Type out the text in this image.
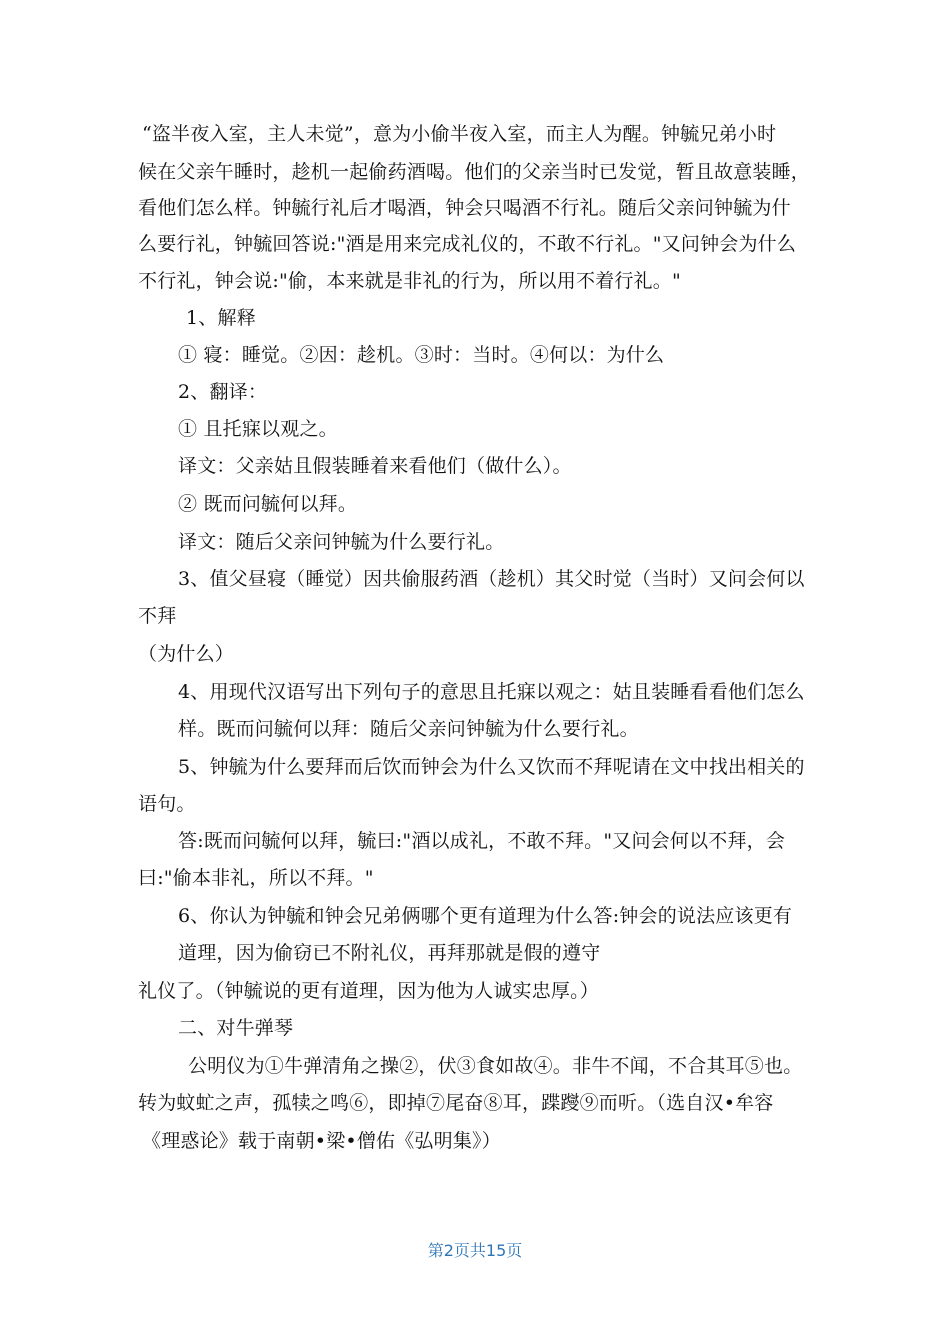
“盗半夜入室，主人未觉”，意为小偷半夜入室，而主人为醒。钟毓兄弟小时
候在父亲午睡时，趁机一起偷药酒喝。他们的父亲当时已发觉，暂且故意装睡，
看他们怎么样。钟毓行礼后才喝酒，钟会只喝酒不行礼。随后父亲问钟毓为什
么要行礼，钟毓回答说:"酒是用来完成礼仪的，不敢不行礼。"又问钟会为什么
不行礼，钟会说:"偷，本来就是非礼的行为，所以用不着行礼。"
1、解释
① 寝：睡觉。②因：趁机。③时：当时。④何以：为什么
2、翻译：
① 且托寐以观之。
译文：父亲姑且假装睡着来看他们（做什么）。
② 既而问毓何以拜。
译文：随后父亲问钟毓为什么要行礼。
3、值父昼寝（睡觉）因共偷服药酒（趁机）其父时觉（当时）又问会何以
不拜
（为什么）
4、用现代汉语写出下列句子的意思且托寐以观之：姑且装睡看看他们怎么
样。既而问毓何以拜：随后父亲问钟毓为什么要行礼。
5、钟毓为什么要拜而后饮而钟会为什么又饮而不拜呢请在文中找出相关的
语句。
答:既而问毓何以拜，毓曰:"酒以成礼，不敢不拜。"又问会何以不拜，会
曰:"偷本非礼，所以不拜。"
6、你认为钟毓和钟会兄弟俩哪个更有道理为什么答:钟会的说法应该更有
道理，因为偷窃已不附礼仪，再拜那就是假的遵守
礼仪了。（钟毓说的更有道理，因为他为人诚实忠厚。）
二、对牛弹琴
公明仪为①牛弹清角之操②，伏③食如故④。非牛不闻，不合其耳⑤也。
转为蚊虻之声，孤犊之鸣⑥，即掉⑦尾奋⑧耳，蹀躞⑨而听。（选自汉•牟容
《理惑论》载于南朝•梁•僧佑《弘明集》）
第2页共15页
